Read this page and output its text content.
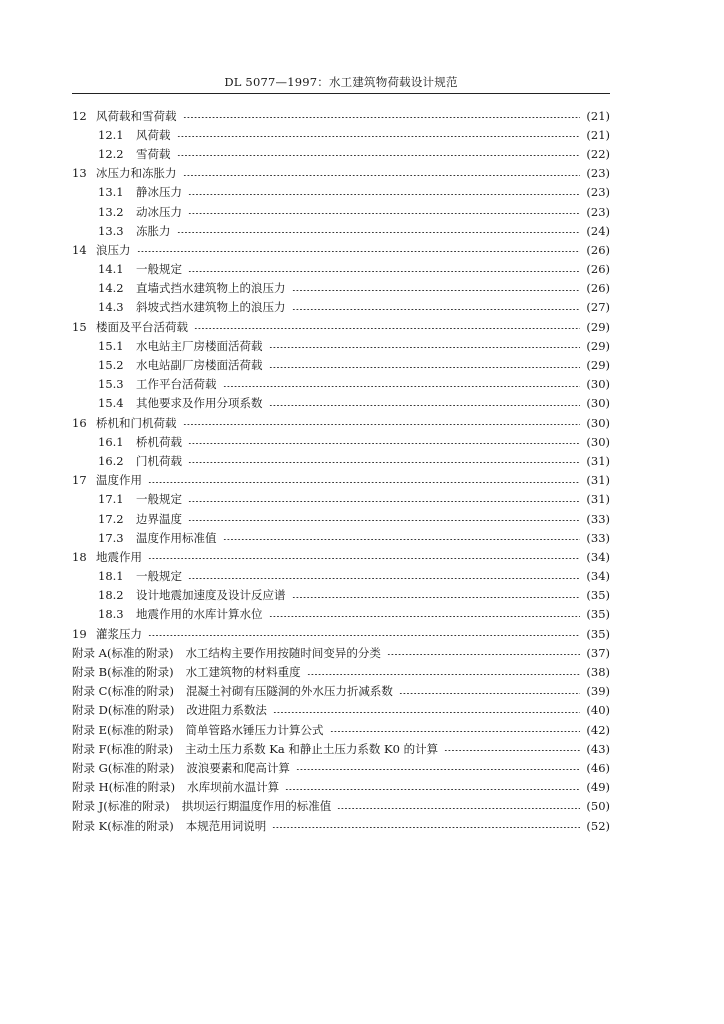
DL 5077—1997：水工建筑物荷载设计规范
12 风荷载和雪荷载	(21)
12.1	风荷载	(21)
12.2	雪荷载	(22)
13 冰压力和冻胀力	(23)
13.1	静冰压力	(23)
13.2	动冰压力	(23)
13.3	冻胀力	(24)
14 浪压力	(26)
14.1	一般规定	(26)
14.2	直墙式挡水建筑物上的浪压力	(26)
14.3	斜坡式挡水建筑物上的浪压力	(27)
15 楼面及平台活荷载	(29)
15.1	水电站主厂房楼面活荷载	(29)
15.2	水电站副厂房楼面活荷载	(29)
15.3	工作平台活荷载	(30)
15.4	其他要求及作用分项系数	(30)
16 桥机和门机荷载	(30)
16.1	桥机荷载	(30)
16.2	门机荷载	(31)
17 温度作用	(31)
17.1	一般规定	(31)
17.2	边界温度	(33)
17.3	温度作用标准值	(33)
18 地震作用	(34)
18.1	一般规定	(34)
18.2	设计地震加速度及设计反应谱	(35)
18.3	地震作用的水库计算水位	(35)
19 灌浆压力	(35)
附录 A(标准的附录) 水工结构主要作用按随时间变异的分类	(37)
附录 B(标准的附录) 水工建筑物的材料重度	(38)
附录 C(标准的附录) 混凝土衬砌有压隧洞的外水压力折减系数	(39)
附录 D(标准的附录) 改进阻力系数法	(40)
附录 E(标准的附录) 简单管路水锤压力计算公式	(42)
附录 F(标准的附录) 主动土压力系数 Ka 和静止土压力系数 K0 的计算	(43)
附录 G(标准的附录) 波浪要素和爬高计算	(46)
附录 H(标准的附录) 水库坝前水温计算	(49)
附录 J(标准的附录) 拱坝运行期温度作用的标准值	(50)
附录 K(标准的附录) 本规范用词说明	(52)
